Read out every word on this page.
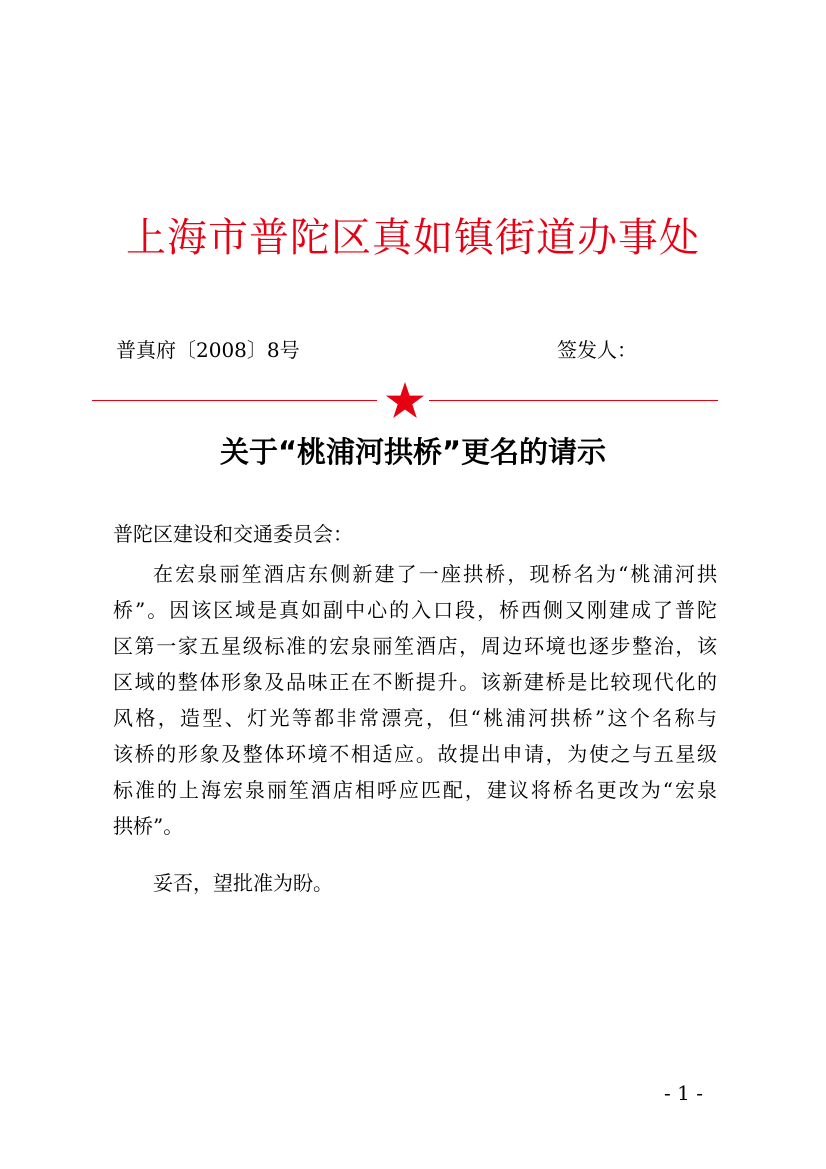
上海市普陀区真如镇街道办事处
普真府〔2008〕8号	签发人：
关于“桃浦河拱桥”更名的请示
普陀区建设和交通委员会：
在宏泉丽笙酒店东侧新建了一座拱桥，现桥名为“桃浦河拱
桥”。因该区域是真如副中心的入口段，桥西侧又刚建成了普陀
区第一家五星级标准的宏泉丽笙酒店，周边环境也逐步整治，该
区域的整体形象及品味正在不断提升。该新建桥是比较现代化的
风格，造型、灯光等都非常漂亮，但“桃浦河拱桥”这个名称与
该桥的形象及整体环境不相适应。故提出申请，为使之与五星级
标准的上海宏泉丽笙酒店相呼应匹配，建议将桥名更改为“宏泉
拱桥”。
妥否，望批准为盼。
- 1 -
